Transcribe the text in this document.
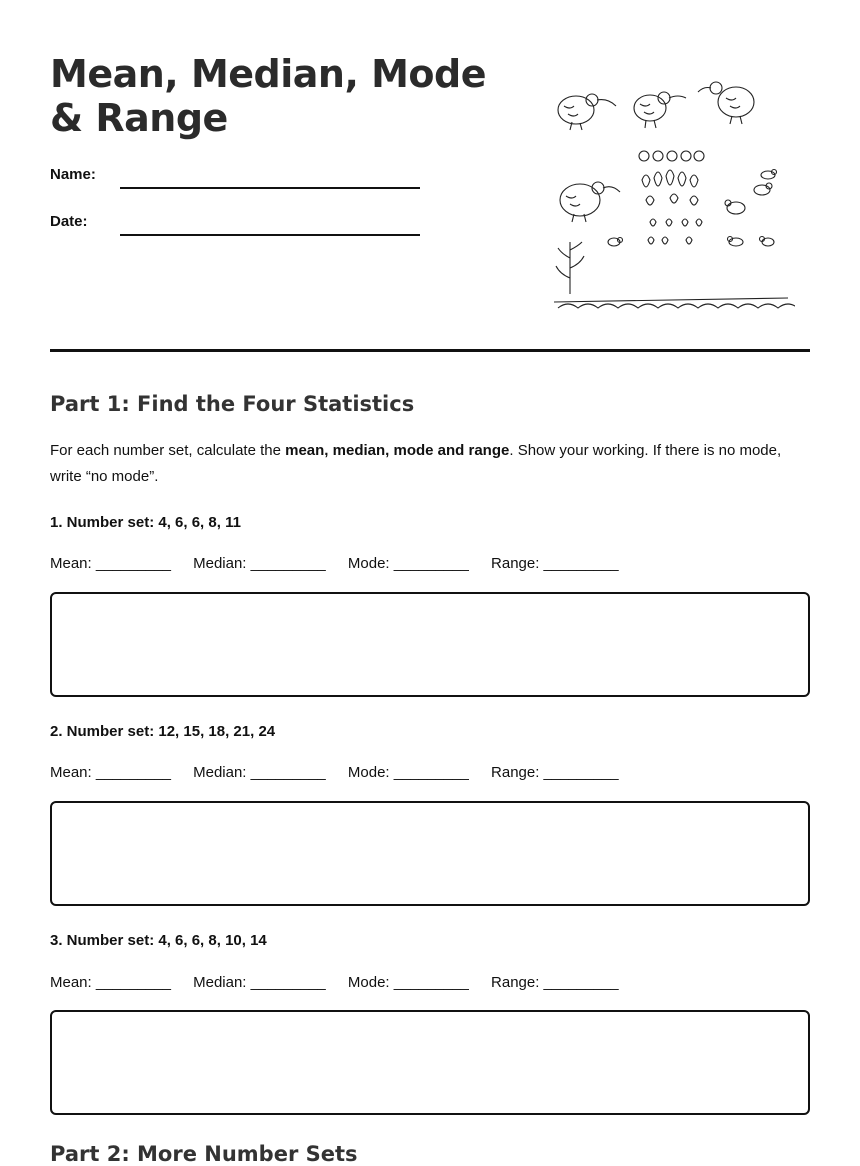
Mean, Median, Mode & Range
Name:
Date:
Part 1: Find the Four Statistics

For each number set, calculate the mean, median, mode and range. Show your working. If there is no mode, write “no mode”.

1. Number set: 4, 6, 6, 8, 11
Mean: _________ Median: _________ Mode: _________ Range: _________
2. Number set: 12, 15, 18, 21, 24
Mean: _________ Median: _________ Mode: _________ Range: _________
3. Number set: 4, 6, 6, 8, 10, 14
Mean: _________ Median: _________ Mode: _________ Range: _________
Part 2: More Number Sets
